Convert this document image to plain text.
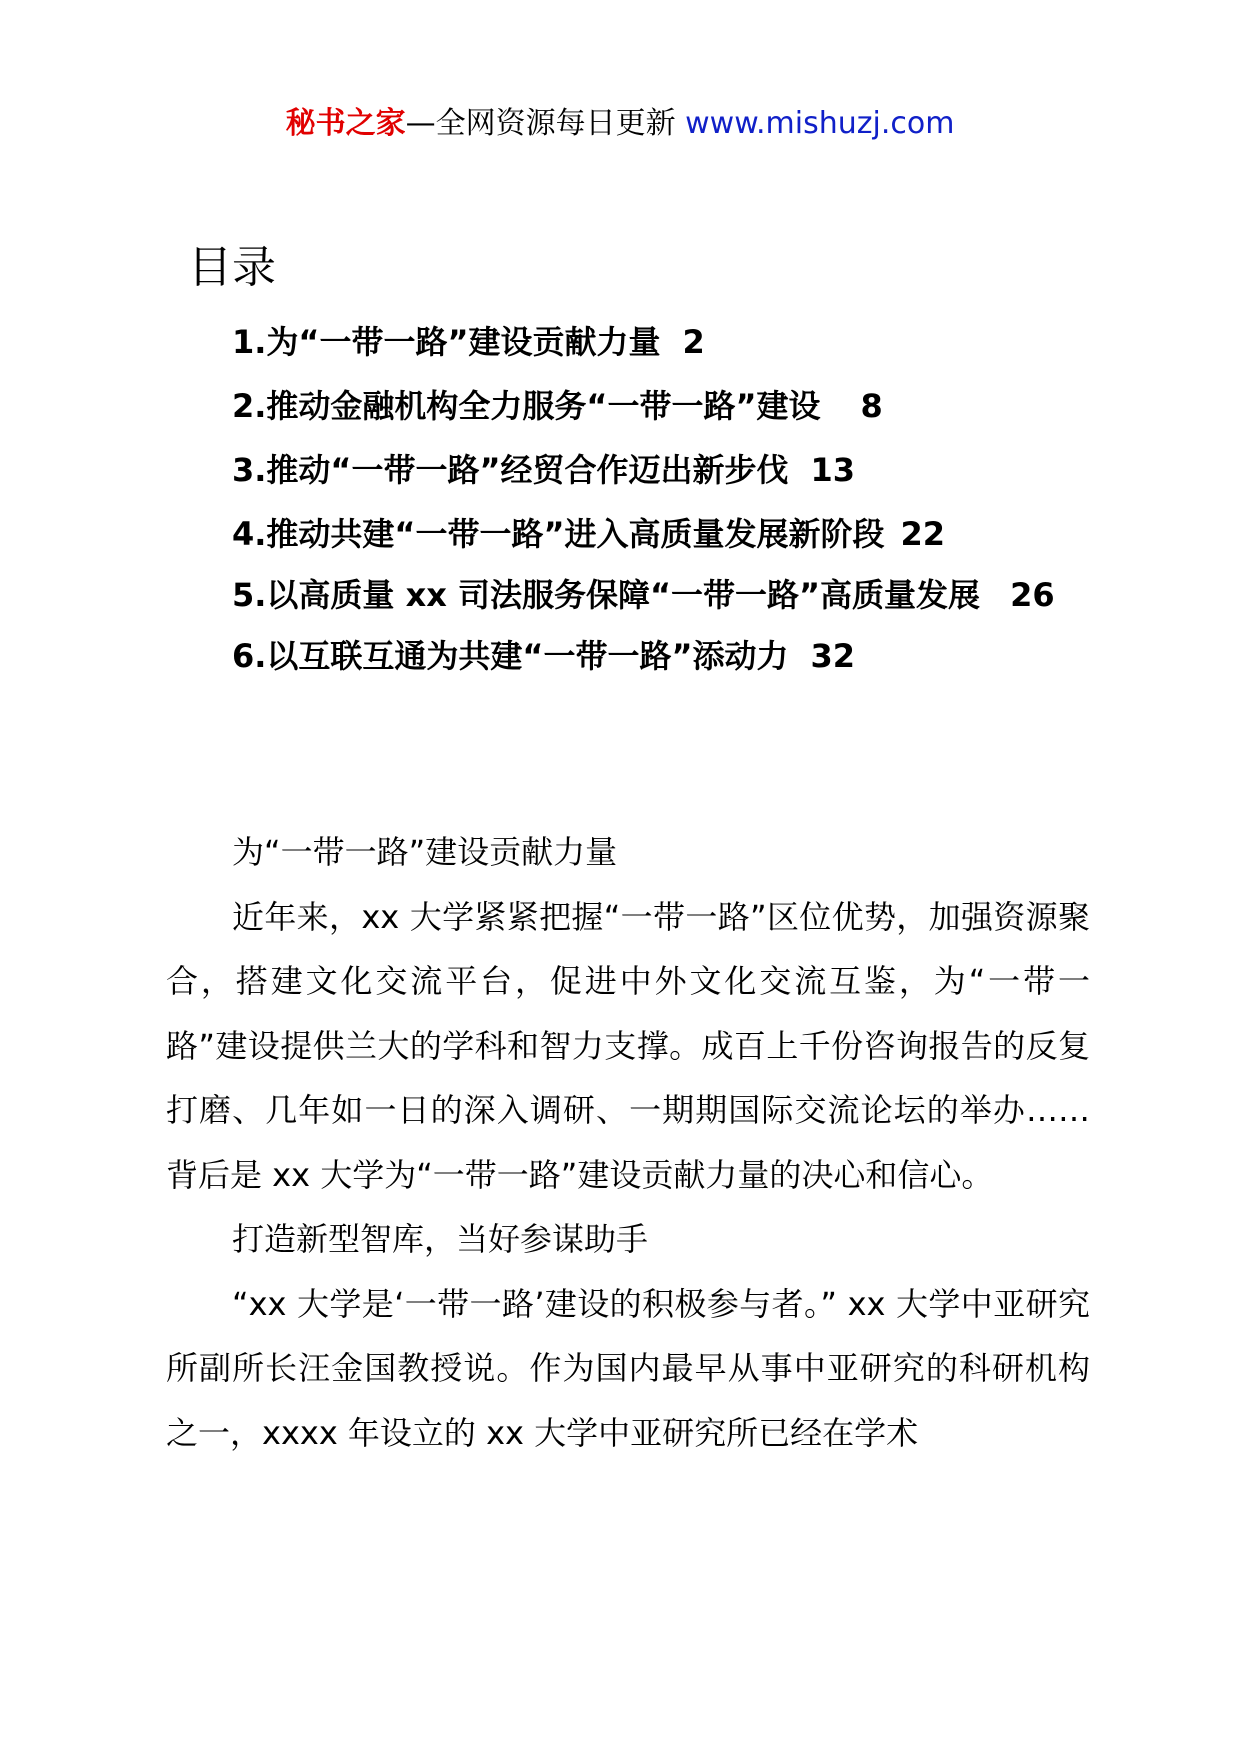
秘书之家—全网资源每日更新 www.mishuzj.com
目录
1.为“一带一路”建设贡献力量 2
2.推动金融机构全力服务“一带一路”建设 8
3.推动“一带一路”经贸合作迈出新步伐 13
4.推动共建“一带一路”进入高质量发展新阶段 22
5.以高质量 xx 司法服务保障“一带一路”高质量发展 26
6.以互联互通为共建“一带一路”添动力 32

为“一带一路”建设贡献力量

近年来，xx 大学紧紧把握“一带一路”区位优势，加强资源聚合，搭建文化交流平台，促进中外文化交流互鉴，为“一带一路”建设提供兰大的学科和智力支撑。成百上千份咨询报告的反复打磨、几年如一日的深入调研、一期期国际交流论坛的举办……背后是 xx 大学为“一带一路”建设贡献力量的决心和信心。

打造新型智库，当好参谋助手

“xx 大学是‘一带一路’建设的积极参与者。” xx 大学中亚研究所副所长汪金国教授说。作为国内最早从事中亚研究的科研机构之一，xxxx 年设立的 xx 大学中亚研究所已经在学术
